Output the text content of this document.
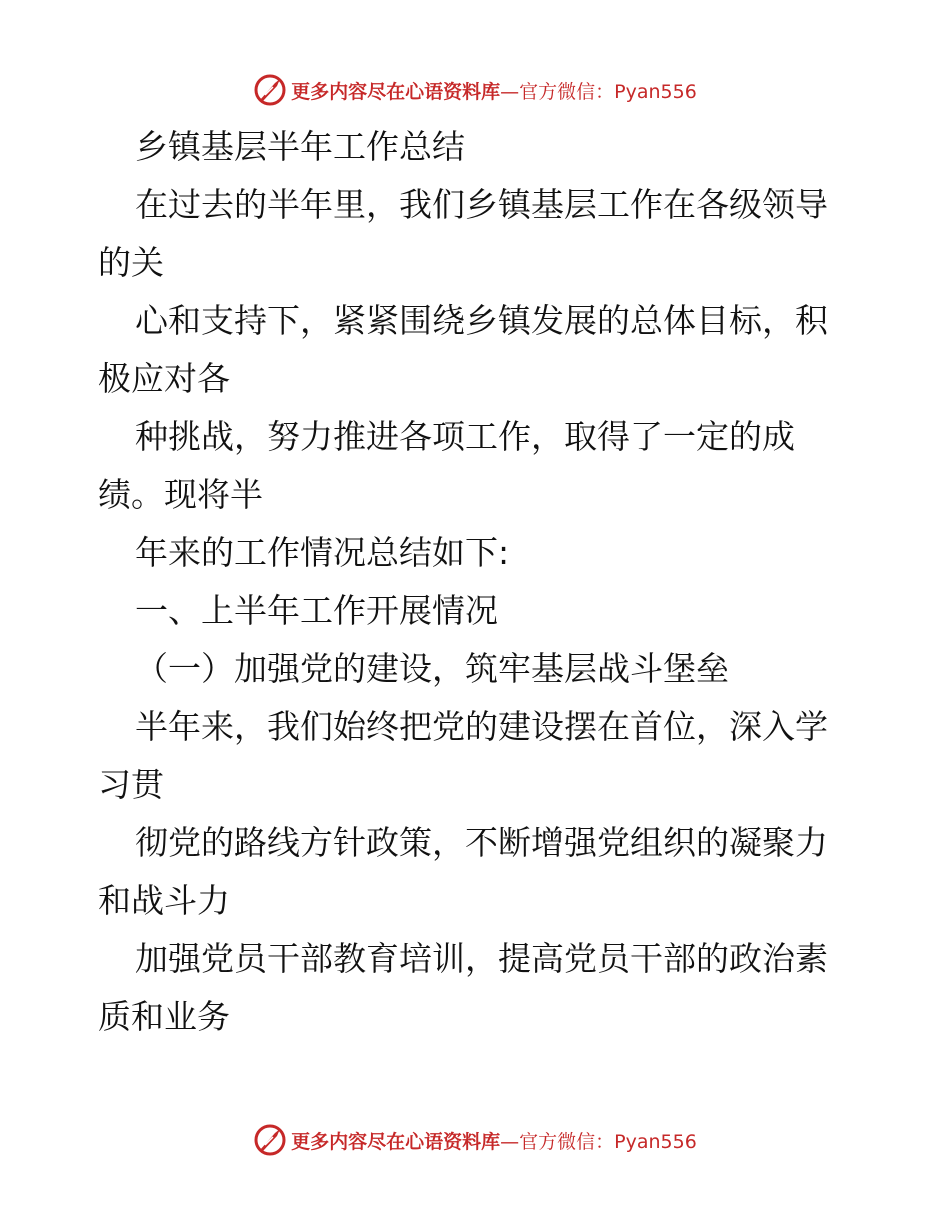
更多内容尽在心语资料库 —官方微信：Pyan556
乡镇基层半年工作总结
在过去的半年里，我们乡镇基层工作在各级领导
的关
心和支持下，紧紧围绕乡镇发展的总体目标，积
极应对各
种挑战，努力推进各项工作，取得了一定的成
绩。现将半
年来的工作情况总结如下:
一、上半年工作开展情况
（一）加强党的建设，筑牢基层战斗堡垒
半年来，我们始终把党的建设摆在首位，深入学
习贯
彻党的路线方针政策，不断增强党组织的凝聚力
和战斗力
加强党员干部教育培训，提高党员干部的政治素
质和业务
更多内容尽在心语资料库 —官方微信：Pyan556
